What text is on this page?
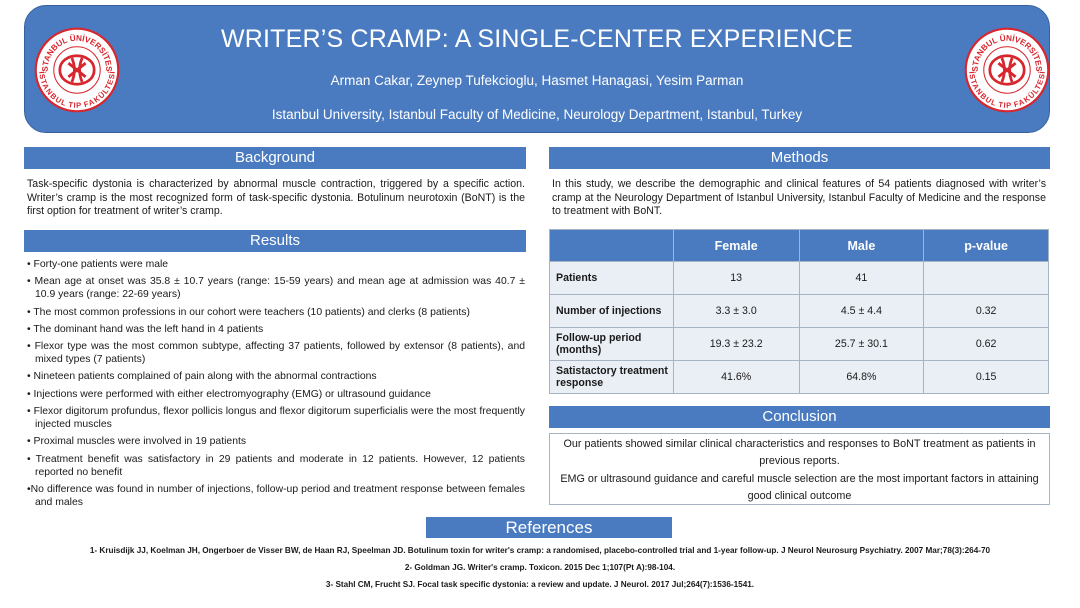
WRITER’S CRAMP: A SINGLE-CENTER EXPERIENCE
Arman Cakar, Zeynep Tufekcioglu, Hasmet Hanagasi, Yesim Parman
Istanbul University, Istanbul Faculty of Medicine, Neurology Department, Istanbul, Turkey
STANBUL ÜNİVERSİTES
İSTANBUL TIP FAKÜLTESİ
STANBUL ÜNİVERSİTES
İSTANBUL TIP FAKÜLTESİ
Background
Task-specific dystonia is characterized by abnormal muscle contraction, triggered by a specific action. Writer’s cramp is the most recognized form of task-specific dystonia. Botulinum neurotoxin (BoNT) is the first option for treatment of writer’s cramp.
Results
• Forty-one patients were male
• Mean age at onset was 35.8 ± 10.7 years (range: 15-59 years) and mean age at admission was 40.7 ± 10.9 years (range: 22-69 years)
• The most common professions in our cohort were teachers (10 patients) and clerks (8 patients)
• The dominant hand was the left hand in 4 patients
• Flexor type was the most common subtype, affecting 37 patients, followed by extensor (8 patients), and mixed types (7 patients)
• Nineteen patients complained of pain along with the abnormal contractions
• Injections were performed with either electromyography (EMG) or ultrasound guidance
• Flexor digitorum profundus, flexor pollicis longus and flexor digitorum superficialis were the most frequently injected muscles
• Proximal muscles were involved in 19 patients
• Treatment benefit was satisfactory in 29 patients and moderate in 12 patients. However, 12 patients reported no benefit
•No difference was found in number of injections, follow-up period and treatment response between females and males
Methods
In this study, we describe the demographic and clinical features of 54 patients diagnosed with writer’s cramp at the Neurology Department of Istanbul University, Istanbul Faculty of Medicine and the response to treatment with BoNT.
	Female	Male	p-value
Patients	13	41	
Number of injections	3.3 ± 3.0	4.5 ± 4.4	0.32
Follow-up period (months)	19.3 ± 23.2	25.7 ± 30.1	0.62
Satistactory treatment response	41.6%	64.8%	0.15
Conclusion
Our patients showed similar clinical characteristics and responses to BoNT treatment as patients in previous reports.
EMG or ultrasound guidance and careful muscle selection are the most important factors in attaining good clinical outcome
References
1- Kruisdijk JJ, Koelman JH, Ongerboer de Visser BW, de Haan RJ, Speelman JD. Botulinum toxin for writer's cramp: a randomised, placebo-controlled trial and 1-year follow-up. J Neurol Neurosurg Psychiatry. 2007 Mar;78(3):264-70
2- Goldman JG. Writer's cramp. Toxicon. 2015 Dec 1;107(Pt A):98-104.
3- Stahl CM, Frucht SJ. Focal task specific dystonia: a review and update. J Neurol. 2017 Jul;264(7):1536-1541.
